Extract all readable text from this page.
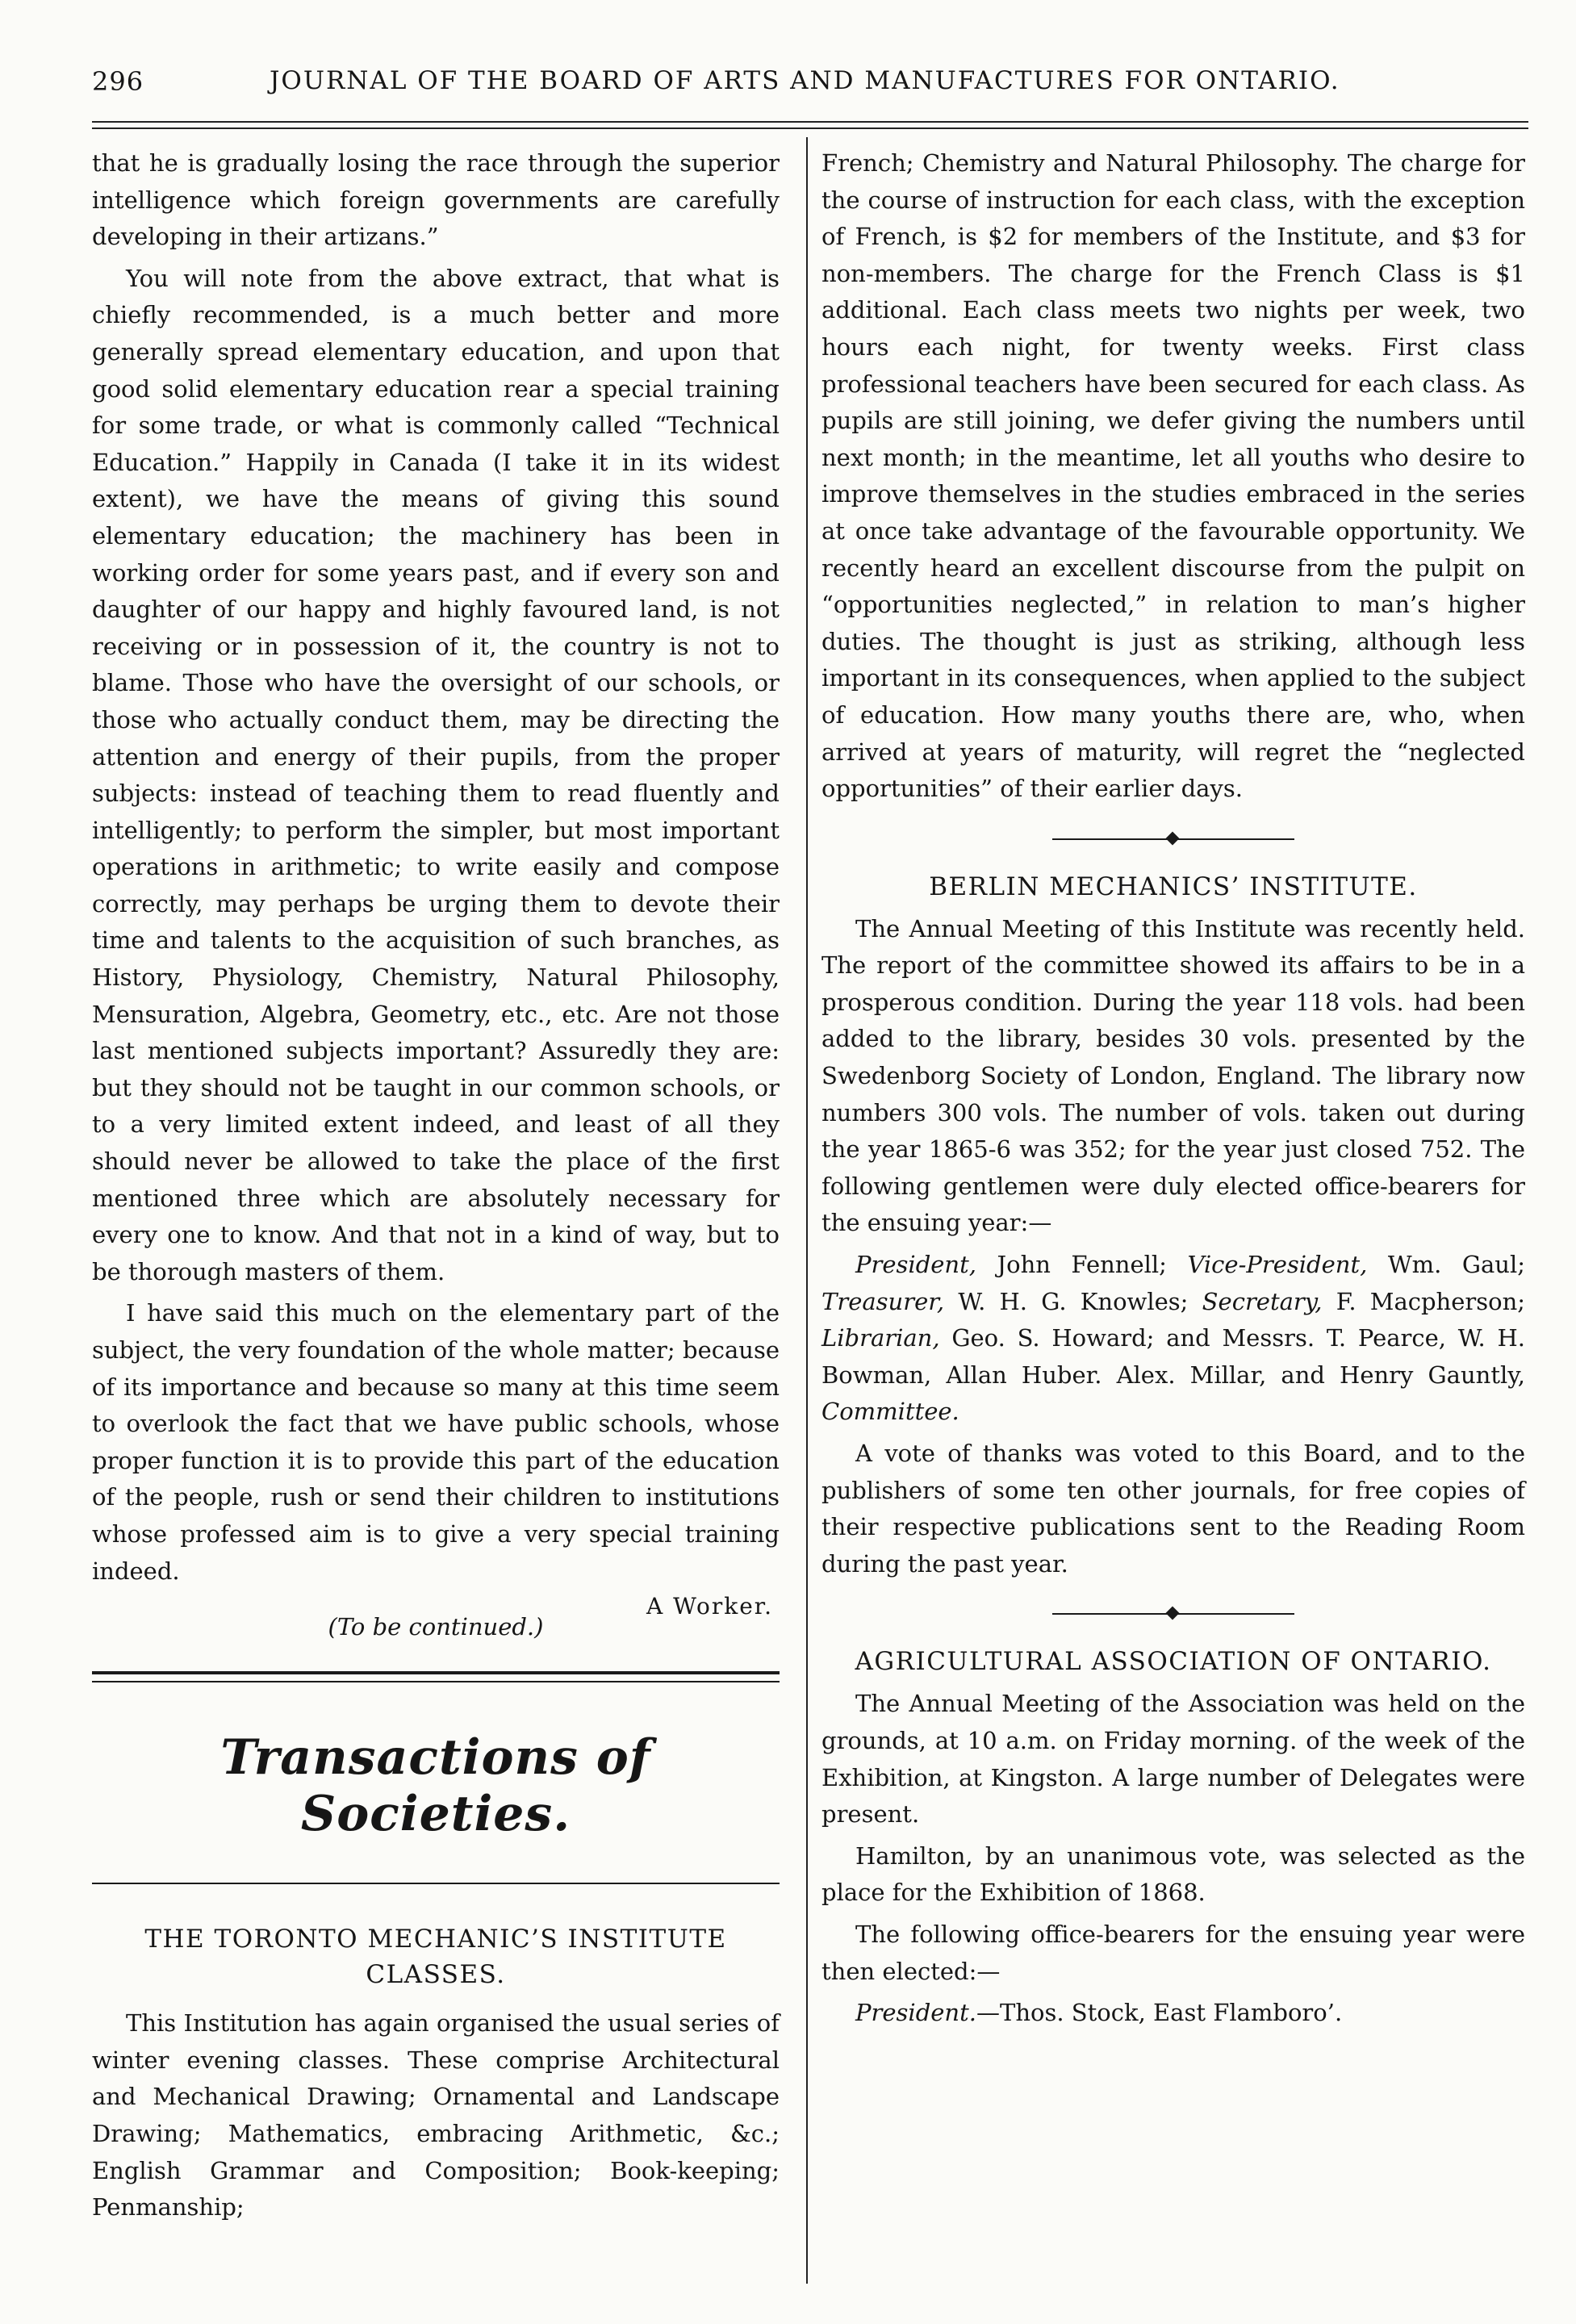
296	JOURNAL OF THE BOARD OF ARTS AND MANUFACTURES FOR ONTARIO.

that he is gradually losing the race through the superior intelligence which foreign governments are carefully developing in their artizans.”

You will note from the above extract, that what is chiefly recommended, is a much better and more generally spread elementary education, and upon that good solid elementary education rear a special training for some trade, or what is commonly called “Technical Education.” Happily in Canada (I take it in its widest extent), we have the means of giving this sound elementary education; the machinery has been in working order for some years past, and if every son and daughter of our happy and highly favoured land, is not receiving or in possession of it, the country is not to blame. Those who have the oversight of our schools, or those who actually conduct them, may be directing the attention and energy of their pupils, from the proper subjects: instead of teaching them to read fluently and intelligently; to perform the simpler, but most important operations in arithmetic; to write easily and compose correctly, may perhaps be urging them to devote their time and talents to the acquisition of such branches, as History, Physiology, Chemistry, Natural Philosophy, Mensuration, Algebra, Geometry, etc., etc. Are not those last mentioned subjects important? Assuredly they are: but they should not be taught in our common schools, or to a very limited extent indeed, and least of all they should never be allowed to take the place of the first mentioned three which are absolutely necessary for every one to know. And that not in a kind of way, but to be thorough masters of them.

I have said this much on the elementary part of the subject, the very foundation of the whole matter; because of its importance and because so many at this time seem to overlook the fact that we have public schools, whose proper function it is to provide this part of the education of the people, rush or send their children to institutions whose professed aim is to give a very special training indeed.

A Worker.
(To be continued.)
Transactions of Societies.
THE TORONTO MECHANIC’S INSTITUTE CLASSES.

This Institution has again organised the usual series of winter evening classes. These comprise Architectural and Mechanical Drawing; Ornamental and Landscape Drawing; Mathematics, embracing Arithmetic, &c.; English Grammar and Composition; Book-keeping; Penmanship;

French; Chemistry and Natural Philosophy. The charge for the course of instruction for each class, with the exception of French, is $2 for members of the Institute, and $3 for non-members. The charge for the French Class is $1 additional. Each class meets two nights per week, two hours each night, for twenty weeks. First class professional teachers have been secured for each class. As pupils are still joining, we defer giving the numbers until next month; in the meantime, let all youths who desire to improve themselves in the studies embraced in the series at once take advantage of the favourable opportunity. We recently heard an excellent discourse from the pulpit on “opportunities neglected,” in relation to man’s higher duties. The thought is just as striking, although less important in its consequences, when applied to the subject of education. How many youths there are, who, when arrived at years of maturity, will regret the “neglected opportunities” of their earlier days.

BERLIN MECHANICS’ INSTITUTE.

The Annual Meeting of this Institute was recently held. The report of the committee showed its affairs to be in a prosperous condition. During the year 118 vols. had been added to the library, besides 30 vols. presented by the Swedenborg Society of London, England. The library now numbers 300 vols. The number of vols. taken out during the year 1865-6 was 352; for the year just closed 752. The following gentlemen were duly elected office-bearers for the ensuing year:—

President, John Fennell; Vice-President, Wm. Gaul; Treasurer, W. H. G. Knowles; Secretary, F. Macpherson; Librarian, Geo. S. Howard; and Messrs. T. Pearce, W. H. Bowman, Allan Huber. Alex. Millar, and Henry Gauntly, Committee.

A vote of thanks was voted to this Board, and to the publishers of some ten other journals, for free copies of their respective publications sent to the Reading Room during the past year.

AGRICULTURAL ASSOCIATION OF ONTARIO.

The Annual Meeting of the Association was held on the grounds, at 10 a.m. on Friday morning. of the week of the Exhibition, at Kingston. A large number of Delegates were present.

Hamilton, by an unanimous vote, was selected as the place for the Exhibition of 1868.

The following office-bearers for the ensuing year were then elected:—

President.—Thos. Stock, East Flamboro’.
